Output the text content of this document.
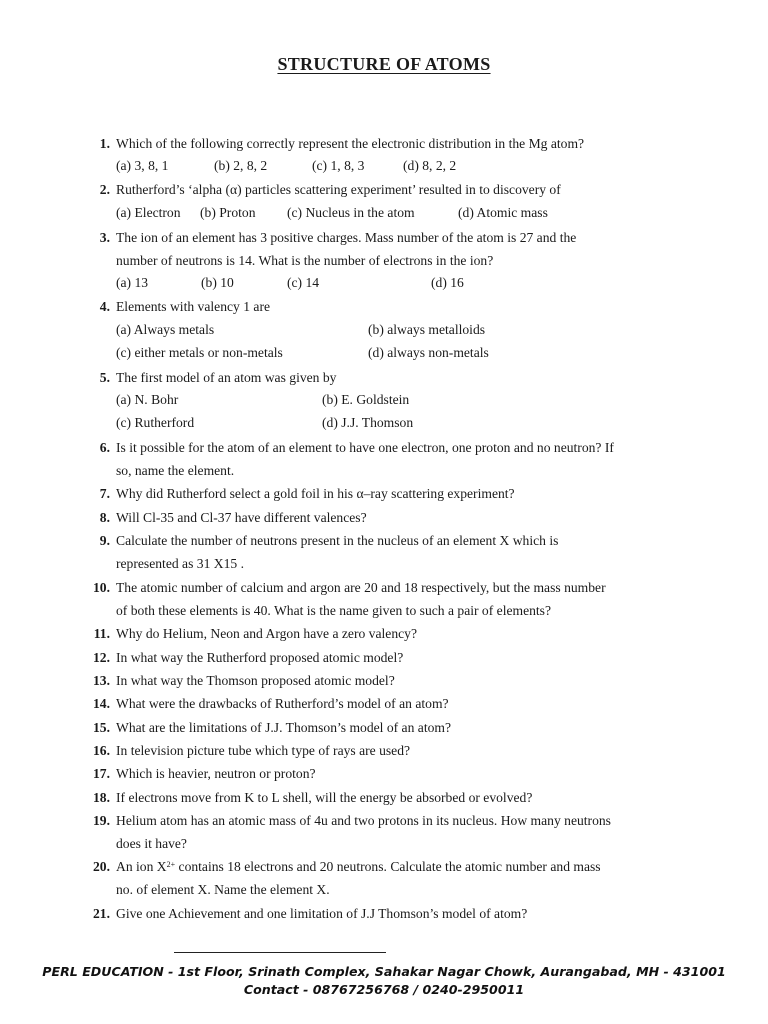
STRUCTURE OF ATOMS
1. Which of the following correctly represent the electronic distribution in the Mg atom?
(a) 3, 8, 1	(b) 2, 8, 2	(c) 1, 8, 3	(d) 8, 2, 2
2. Rutherford’s ‘alpha (α) particles scattering experiment’ resulted in to discovery of
(a) Electron (b) Proton (c) Nucleus in the atom	(d) Atomic mass
3. The ion of an element has 3 positive charges. Mass number of the atom is 27 and the
number of neutrons is 14. What is the number of electrons in the ion?
(a) 13	(b) 10	(c) 14	(d) 16
4. Elements with valency 1 are
(a) Always metals	(b) always metalloids
(c) either metals or non-metals	(d) always non-metals
5. The first model of an atom was given by
(a) N. Bohr	(b) E. Goldstein
(c) Rutherford	(d) J.J. Thomson
6. Is it possible for the atom of an element to have one electron, one proton and no neutron? If
so, name the element.
7. Why did Rutherford select a gold foil in his α–ray scattering experiment?
8. Will Cl-35 and Cl-37 have different valences?
9. Calculate the number of neutrons present in the nucleus of an element X which is
represented as 31 X15 .
10. The atomic number of calcium and argon are 20 and 18 respectively, but the mass number
of both these elements is 40. What is the name given to such a pair of elements?
11. Why do Helium, Neon and Argon have a zero valency?
12. In what way the Rutherford proposed atomic model?
13. In what way the Thomson proposed atomic model?
14. What were the drawbacks of Rutherford’s model of an atom?
15. What are the limitations of J.J. Thomson’s model of an atom?
16. In television picture tube which type of rays are used?
17. Which is heavier, neutron or proton?
18. If electrons move from K to L shell, will the energy be absorbed or evolved?
19. Helium atom has an atomic mass of 4u and two protons in its nucleus. How many neutrons
does it have?
20. An ion $X^{2+}$ contains 18 electrons and 20 neutrons. Calculate the atomic number and mass
no. of element X. Name the element X.
21. Give one Achievement and one limitation of J.J Thomson’s model of atom?
PERL EDUCATION - 1st Floor, Srinath Complex, Sahakar Nagar Chowk, Aurangabad, MH - 431001
Contact - 08767256768 / 0240-2950011
